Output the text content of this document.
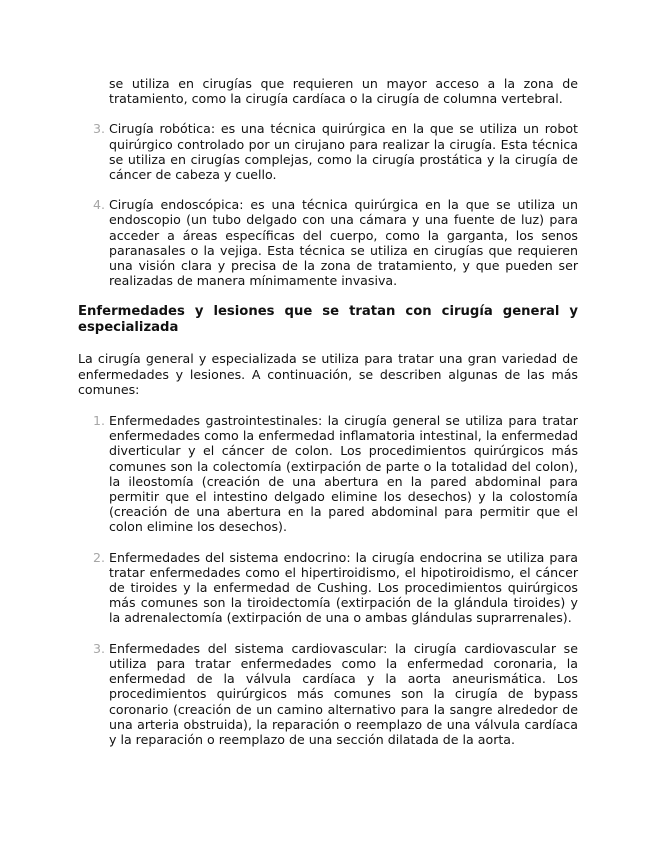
se utiliza en cirugías que requieren un mayor acceso a la zona de tratamiento, como la cirugía cardíaca o la cirugía de columna vertebral.

3. Cirugía robótica: es una técnica quirúrgica en la que se utiliza un robot quirúrgico controlado por un cirujano para realizar la cirugía. Esta técnica se utiliza en cirugías complejas, como la cirugía prostática y la cirugía de cáncer de cabeza y cuello.
4. Cirugía endoscópica: es una técnica quirúrgica en la que se utiliza un endoscopio (un tubo delgado con una cámara y una fuente de luz) para acceder a áreas específicas del cuerpo, como la garganta, los senos paranasales o la vejiga. Esta técnica se utiliza en cirugías que requieren una visión clara y precisa de la zona de tratamiento, y que pueden ser realizadas de manera mínimamente invasiva.
Enfermedades y lesiones que se tratan con cirugía general y especializada

La cirugía general y especializada se utiliza para tratar una gran variedad de enfermedades y lesiones. A continuación, se describen algunas de las más comunes:

1. Enfermedades gastrointestinales: la cirugía general se utiliza para tratar enfermedades como la enfermedad inflamatoria intestinal, la enfermedad diverticular y el cáncer de colon. Los procedimientos quirúrgicos más comunes son la colectomía (extirpación de parte o la totalidad del colon), la ileostomía (creación de una abertura en la pared abdominal para permitir que el intestino delgado elimine los desechos) y la colostomía (creación de una abertura en la pared abdominal para permitir que el colon elimine los desechos).
2. Enfermedades del sistema endocrino: la cirugía endocrina se utiliza para tratar enfermedades como el hipertiroidismo, el hipotiroidismo, el cáncer de tiroides y la enfermedad de Cushing. Los procedimientos quirúrgicos más comunes son la tiroidectomía (extirpación de la glándula tiroides) y la adrenalectomía (extirpación de una o ambas glándulas suprarrenales).
3. Enfermedades del sistema cardiovascular: la cirugía cardiovascular se utiliza para tratar enfermedades como la enfermedad coronaria, la enfermedad de la válvula cardíaca y la aorta aneurismática. Los procedimientos quirúrgicos más comunes son la cirugía de bypass coronario (creación de un camino alternativo para la sangre alrededor de una arteria obstruida), la reparación o reemplazo de una válvula cardíaca y la reparación o reemplazo de una sección dilatada de la aorta.
